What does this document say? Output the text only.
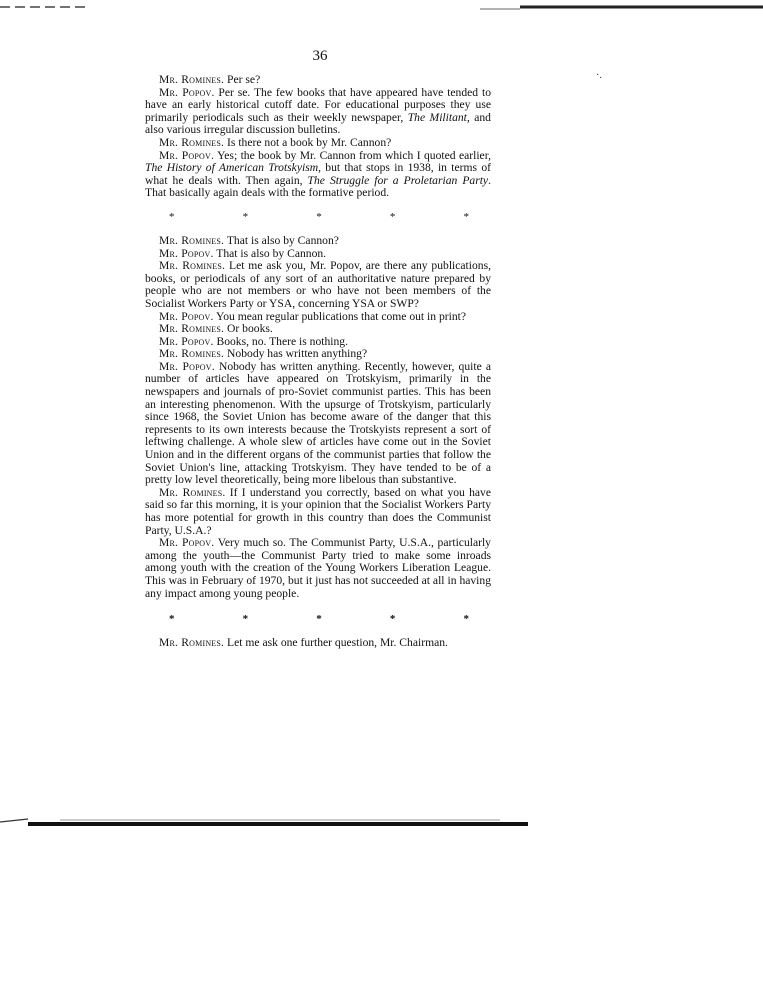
·.
36

Mr. Romines. Per se?

Mr. Popov. Per se. The few books that have appeared have tended to have an early historical cutoff date. For educational purposes they use primarily periodicals such as their weekly newspaper, The Militant, and also various irregular discussion bulletins.

Mr. Romines. Is there not a book by Mr. Cannon?

Mr. Popov. Yes; the book by Mr. Cannon from which I quoted earlier, The History of American Trotskyism, but that stops in 1938, in terms of what he deals with. Then again, The Struggle for a Proletarian Party. That basically again deals with the formative period.

*	*	*	*	*

Mr. Romines. That is also by Cannon?

Mr. Popov. That is also by Cannon.

Mr. Romines. Let me ask you, Mr. Popov, are there any publications, books, or periodicals of any sort of an authoritative nature prepared by people who are not members or who have not been members of the Socialist Workers Party or YSA, concerning YSA or SWP?

Mr. Popov. You mean regular publications that come out in print?

Mr. Romines. Or books.

Mr. Popov. Books, no. There is nothing.

Mr. Romines. Nobody has written anything?

Mr. Popov. Nobody has written anything. Recently, however, quite a number of articles have appeared on Trotskyism, primarily in the newspapers and journals of pro-Soviet communist parties. This has been an interesting phenomenon. With the upsurge of Trotskyism, particularly since 1968, the Soviet Union has become aware of the danger that this represents to its own interests because the Trotskyists represent a sort of leftwing challenge. A whole slew of articles have come out in the Soviet Union and in the different organs of the communist parties that follow the Soviet Union's line, attacking Trotskyism. They have tended to be of a pretty low level theoretically, being more libelous than substantive.

Mr. Romines. If I understand you correctly, based on what you have said so far this morning, it is your opinion that the Socialist Workers Party has more potential for growth in this country than does the Communist Party, U.S.A.?

Mr. Popov. Very much so. The Communist Party, U.S.A., particularly among the youth—the Communist Party tried to make some inroads among youth with the creation of the Young Workers Liberation League. This was in February of 1970, but it just has not succeeded at all in having any impact among young people.

*	*	*	*	*

Mr. Romines. Let me ask one further question, Mr. Chairman.
